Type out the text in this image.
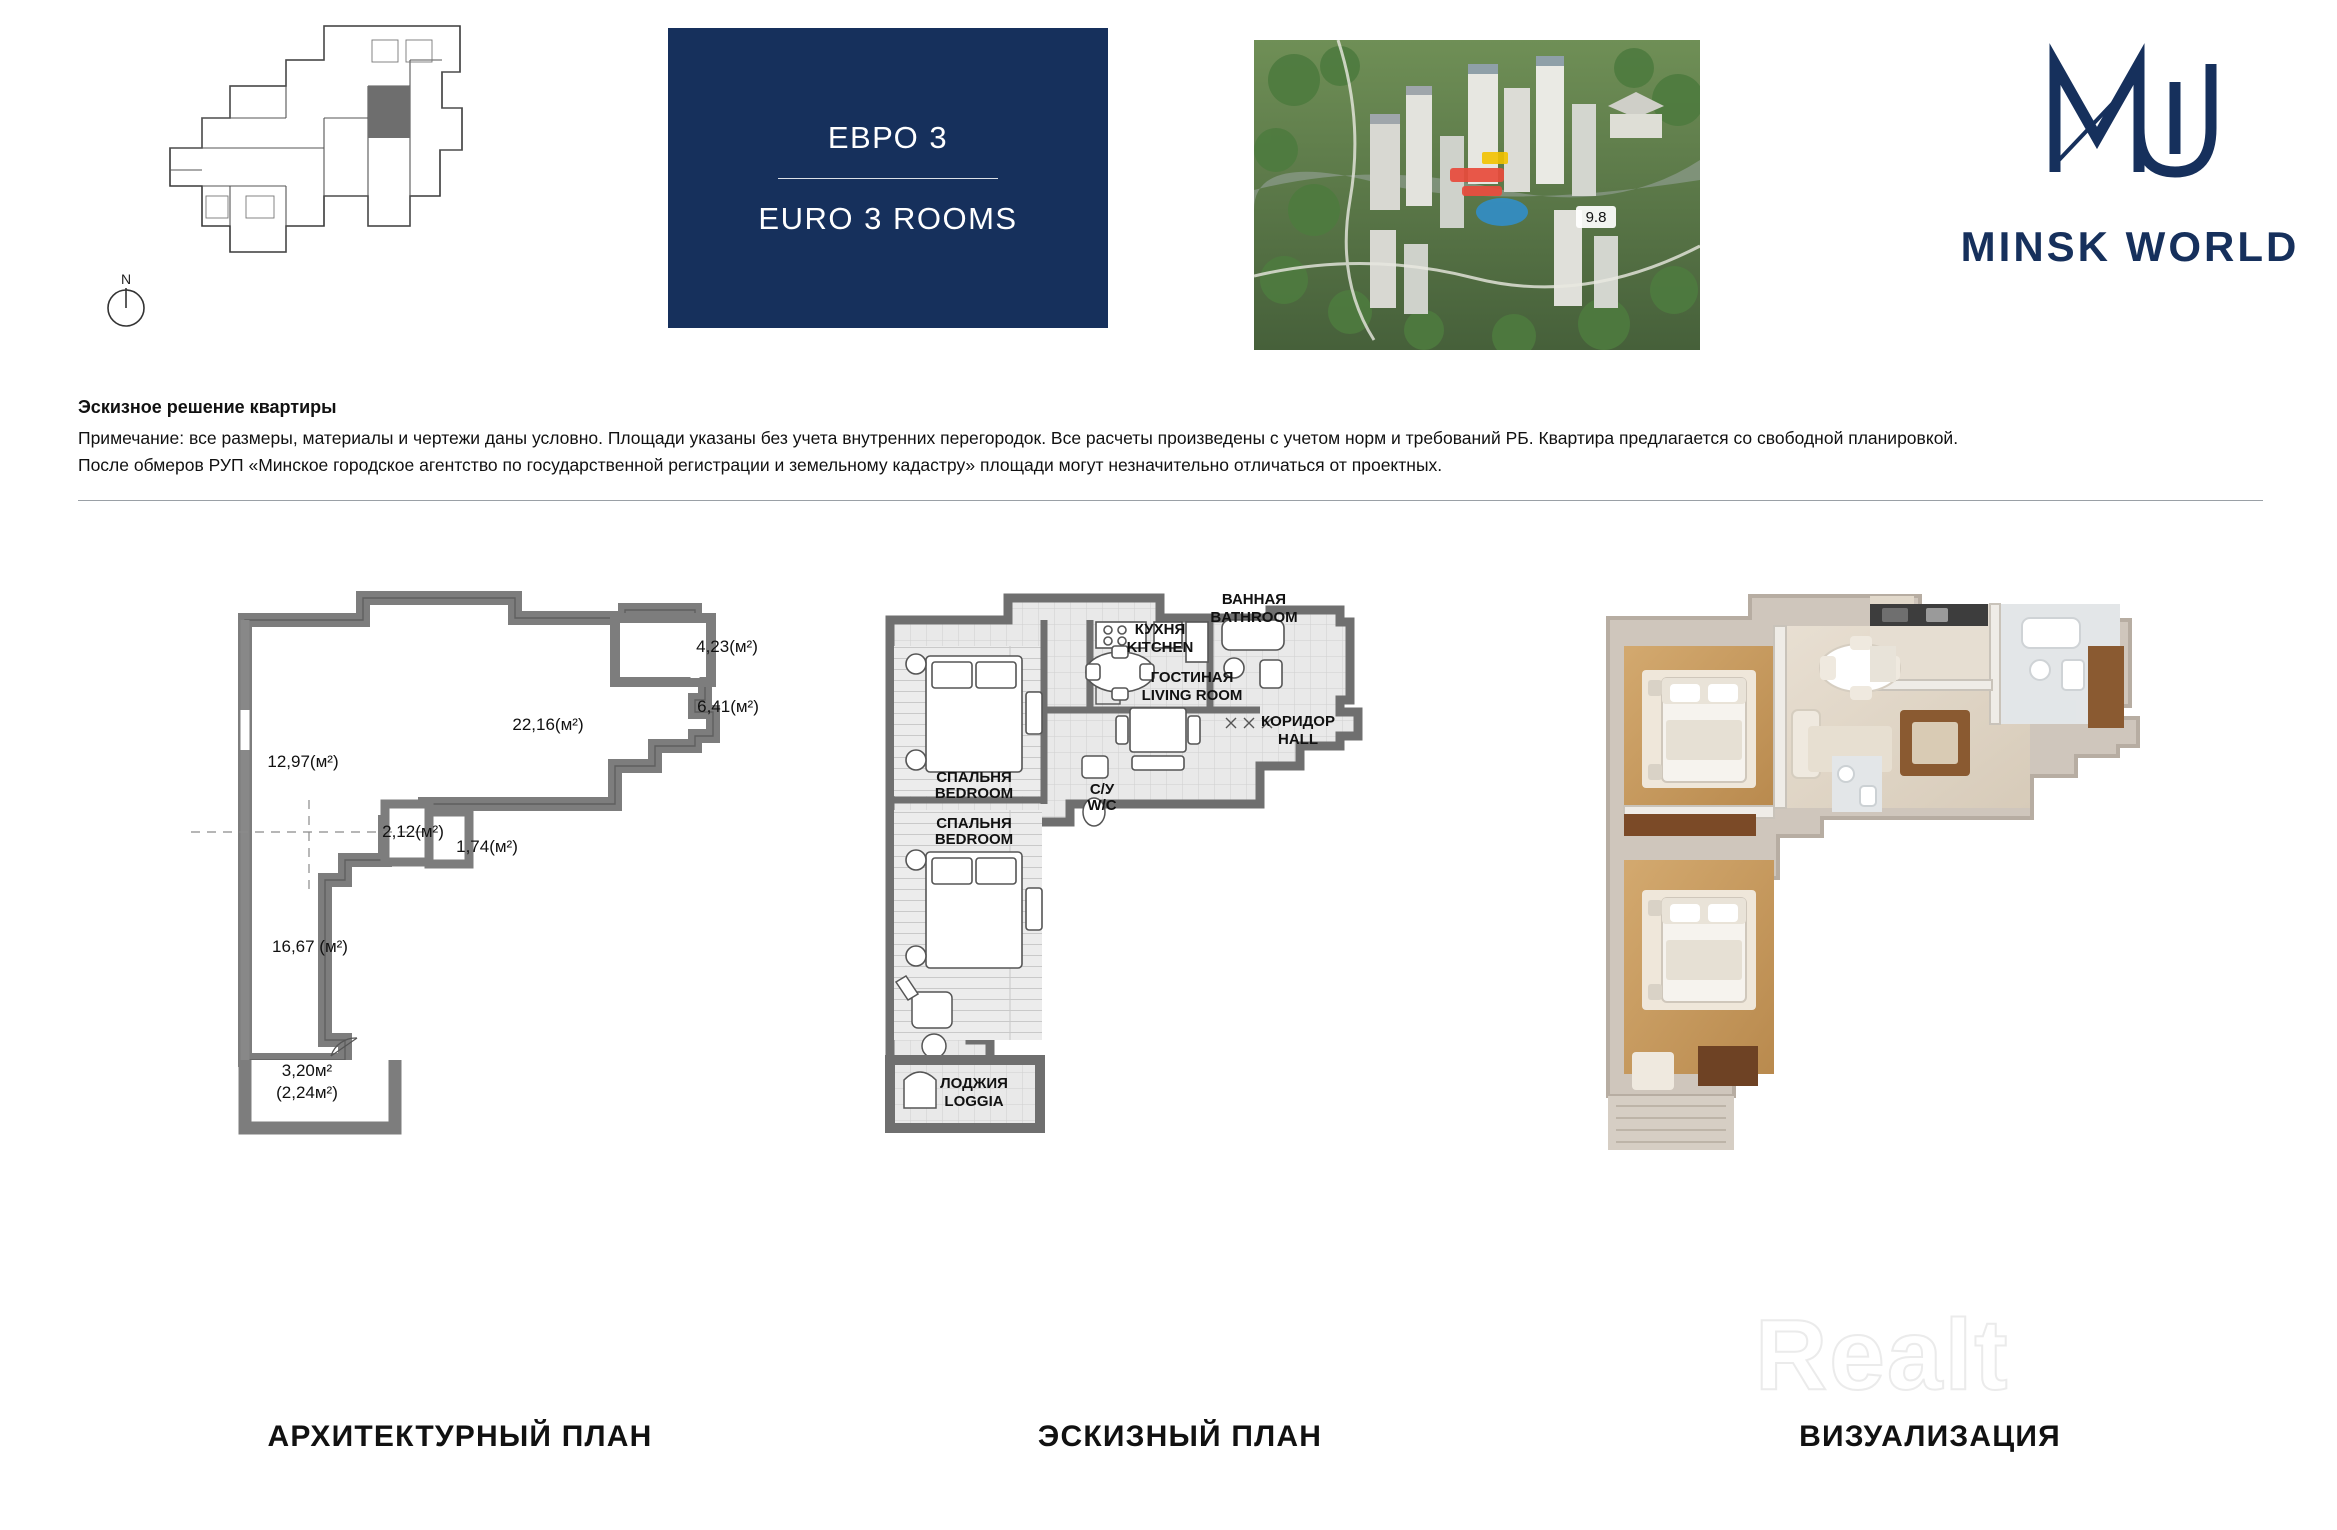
N
ЕВРО 3
EURO 3 ROOMS	9.8
MINSK WORLD
Эскизное решение квартиры

Примечание: все размеры, материалы и чертежи даны условно. Площади указаны без учета внутренних перегородок. Все расчеты произведены с учетом норм и требований РБ. Квартира предлагается со свободной планировкой.

После обмеров РУП «Минское городское агентство по государственной регистрации и земельному кадастру» площади могут незначительно отличаться от проектных.

4,23(м²)
22,16(м²)
6,41(м²)
12,97(м²)
2,12(м²)
1,74(м²)
16,67 (м²)
3,20м²
(2,24м²)
КУХНЯ
KITCHEN
ВАННАЯ
BATHROOM
ГОСТИНАЯ
LIVING ROOM
КОРИДОР
HALL
СПАЛЬНЯ
BEDROOM	С/У
W/C
СПАЛЬНЯ
BEDROOM
ЛОДЖИЯ
LOGGIA
Realt
АРХИТЕКТУРНЫЙ ПЛАН	ЭСКИЗНЫЙ ПЛАН	ВИЗУАЛИЗАЦИЯ
